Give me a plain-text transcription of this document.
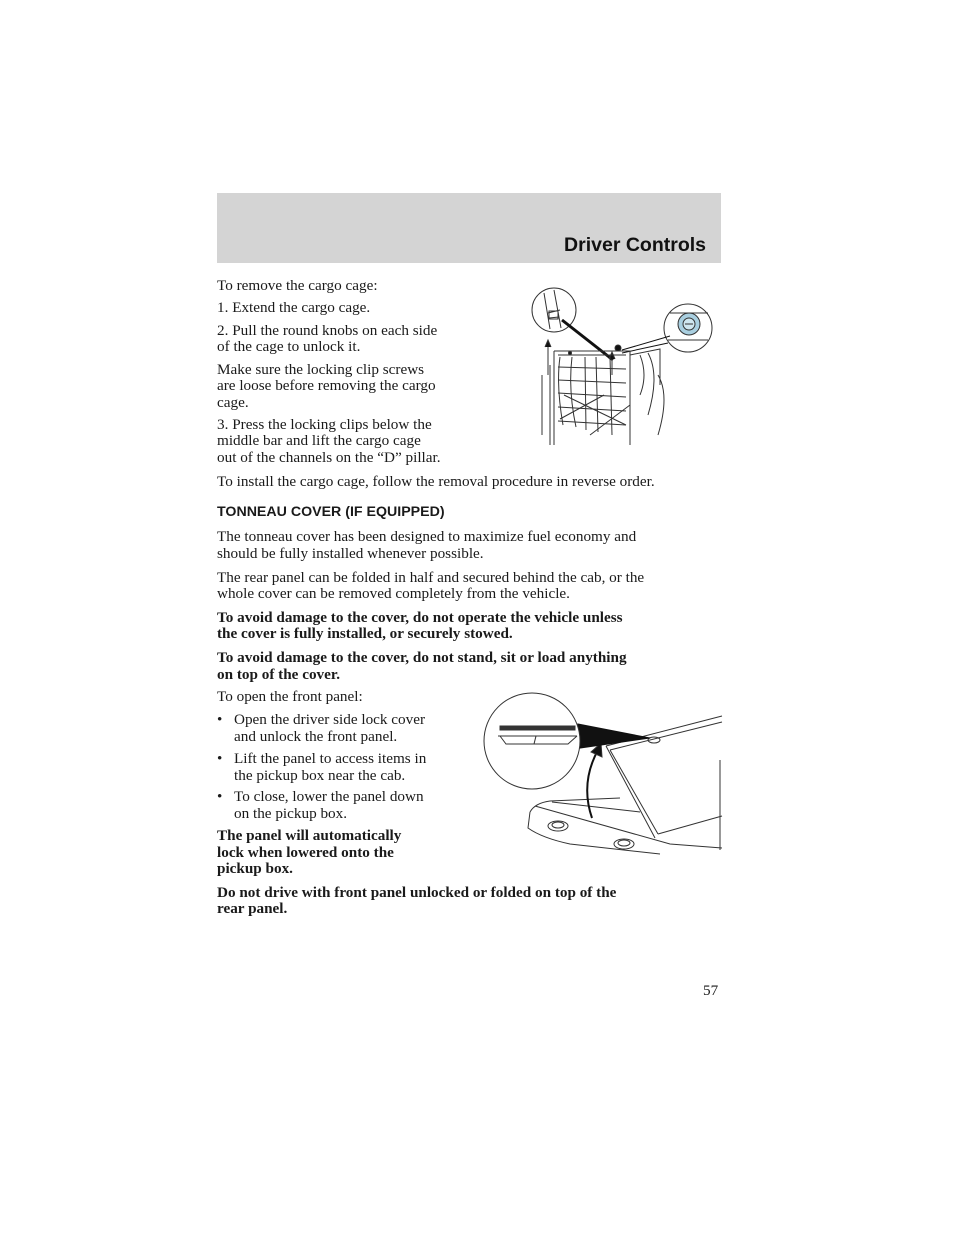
Driver Controls

To remove the cargo cage:

1. Extend the cargo cage.

2. Pull the round knobs on each side

of the cage to unlock it.

Make sure the locking clip screws

are loose before removing the cargo

cage.

3. Press the locking clips below the

middle bar and lift the cargo cage

out of the channels on the “D” pillar.

To install the cargo cage, follow the removal procedure in reverse order.

TONNEAU COVER (IF EQUIPPED)

The tonneau cover has been designed to maximize fuel economy and

should be fully installed whenever possible.

The rear panel can be folded in half and secured behind the cab, or the

whole cover can be removed completely from the vehicle.

To avoid damage to the cover, do not operate the vehicle unless

the cover is fully installed, or securely stowed.

To avoid damage to the cover, do not stand, sit or load anything

on top of the cover.

To open the front panel:

• Open the driver side lock cover
and unlock the front panel.
• Lift the panel to access items in
the pickup box near the cab.
• To close, lower the panel down
on the pickup box.

The panel will automatically

lock when lowered onto the

pickup box.

Do not drive with front panel unlocked or folded on top of the

rear panel.

57
